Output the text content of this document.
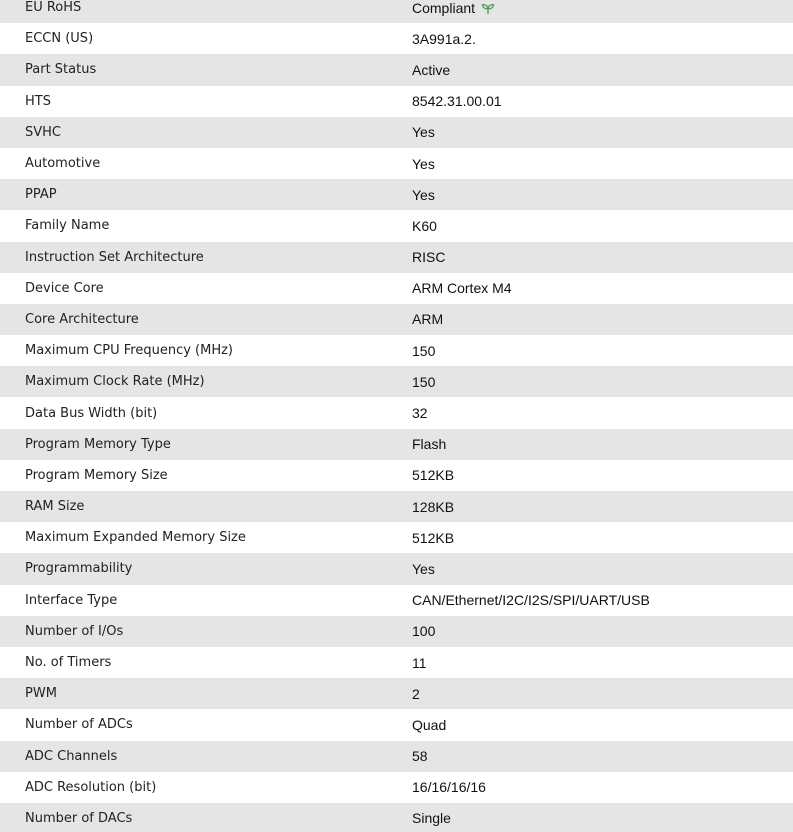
EU RoHS	Compliant
ECCN (US)	3A991a.2.
Part Status	Active
HTS	8542.31.00.01
SVHC	Yes
Automotive	Yes
PPAP	Yes
Family Name	K60
Instruction Set Architecture	RISC
Device Core	ARM Cortex M4
Core Architecture	ARM
Maximum CPU Frequency (MHz)	150
Maximum Clock Rate (MHz)	150
Data Bus Width (bit)	32
Program Memory Type	Flash
Program Memory Size	512KB
RAM Size	128KB
Maximum Expanded Memory Size	512KB
Programmability	Yes
Interface Type	CAN/Ethernet/I2C/I2S/SPI/UART/USB
Number of I/Os	100
No. of Timers	11
PWM	2
Number of ADCs	Quad
ADC Channels	58
ADC Resolution (bit)	16/16/16/16
Number of DACs	Single
